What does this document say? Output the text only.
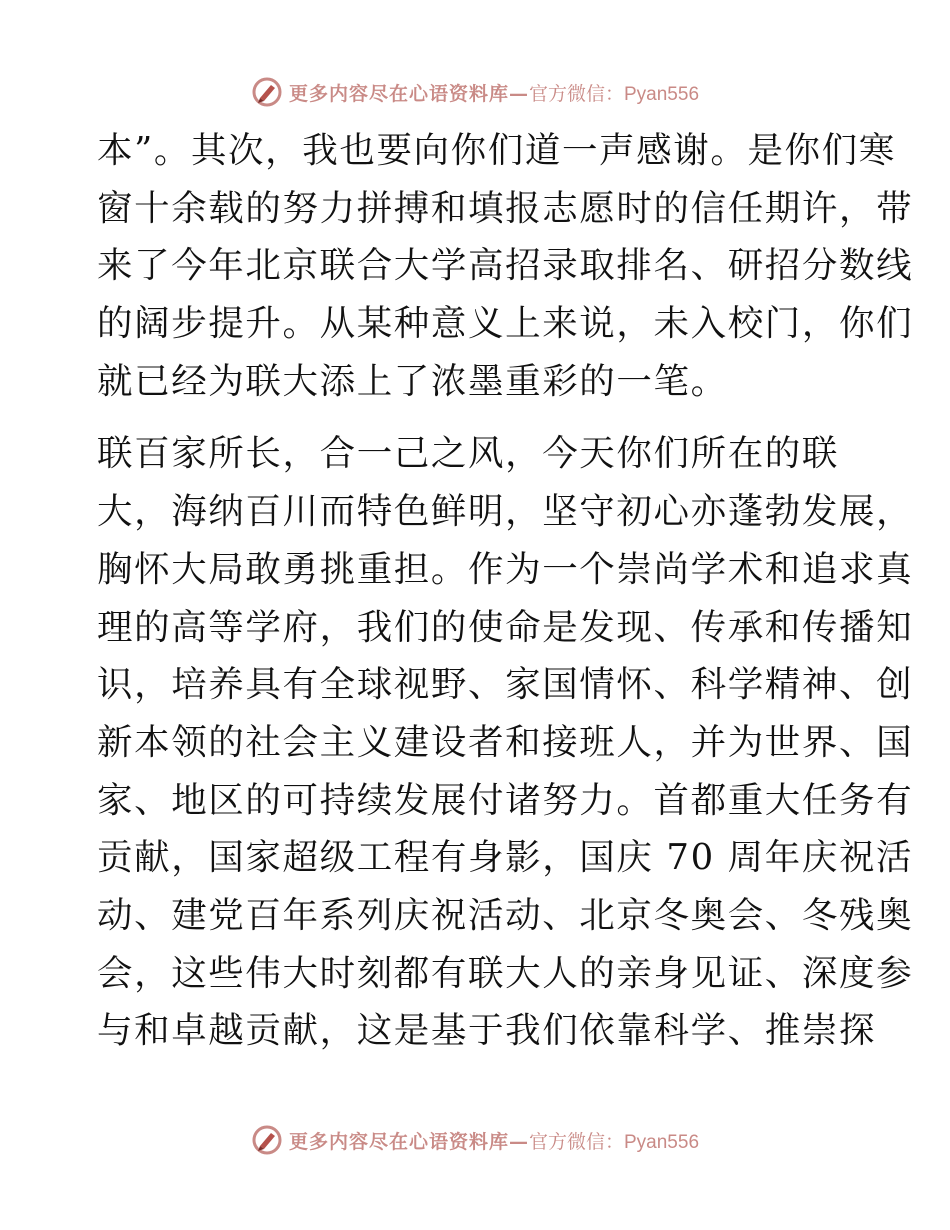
更多内容尽在心语资料库— 官方微信：Pyan556
本”。其次，我也要向你们道一声感谢。是你们寒
窗十余载的努力拼搏和填报志愿时的信任期许，带
来了今年北京联合大学高招录取排名、研招分数线
的阔步提升。从某种意义上来说，未入校门，你们
就已经为联大添上了浓墨重彩的一笔。
联百家所长，合一己之风，今天你们所在的联
大，海纳百川而特色鲜明，坚守初心亦蓬勃发展，
胸怀大局敢勇挑重担。作为一个崇尚学术和追求真
理的高等学府，我们的使命是发现、传承和传播知
识，培养具有全球视野、家国情怀、科学精神、创
新本领的社会主义建设者和接班人，并为世界、国
家、地区的可持续发展付诸努力。首都重大任务有
贡献，国家超级工程有身影，国庆 70 周年庆祝活
动、建党百年系列庆祝活动、北京冬奥会、冬残奥
会，这些伟大时刻都有联大人的亲身见证、深度参
与和卓越贡献，这是基于我们依靠科学、推崇探
更多内容尽在心语资料库— 官方微信：Pyan556
